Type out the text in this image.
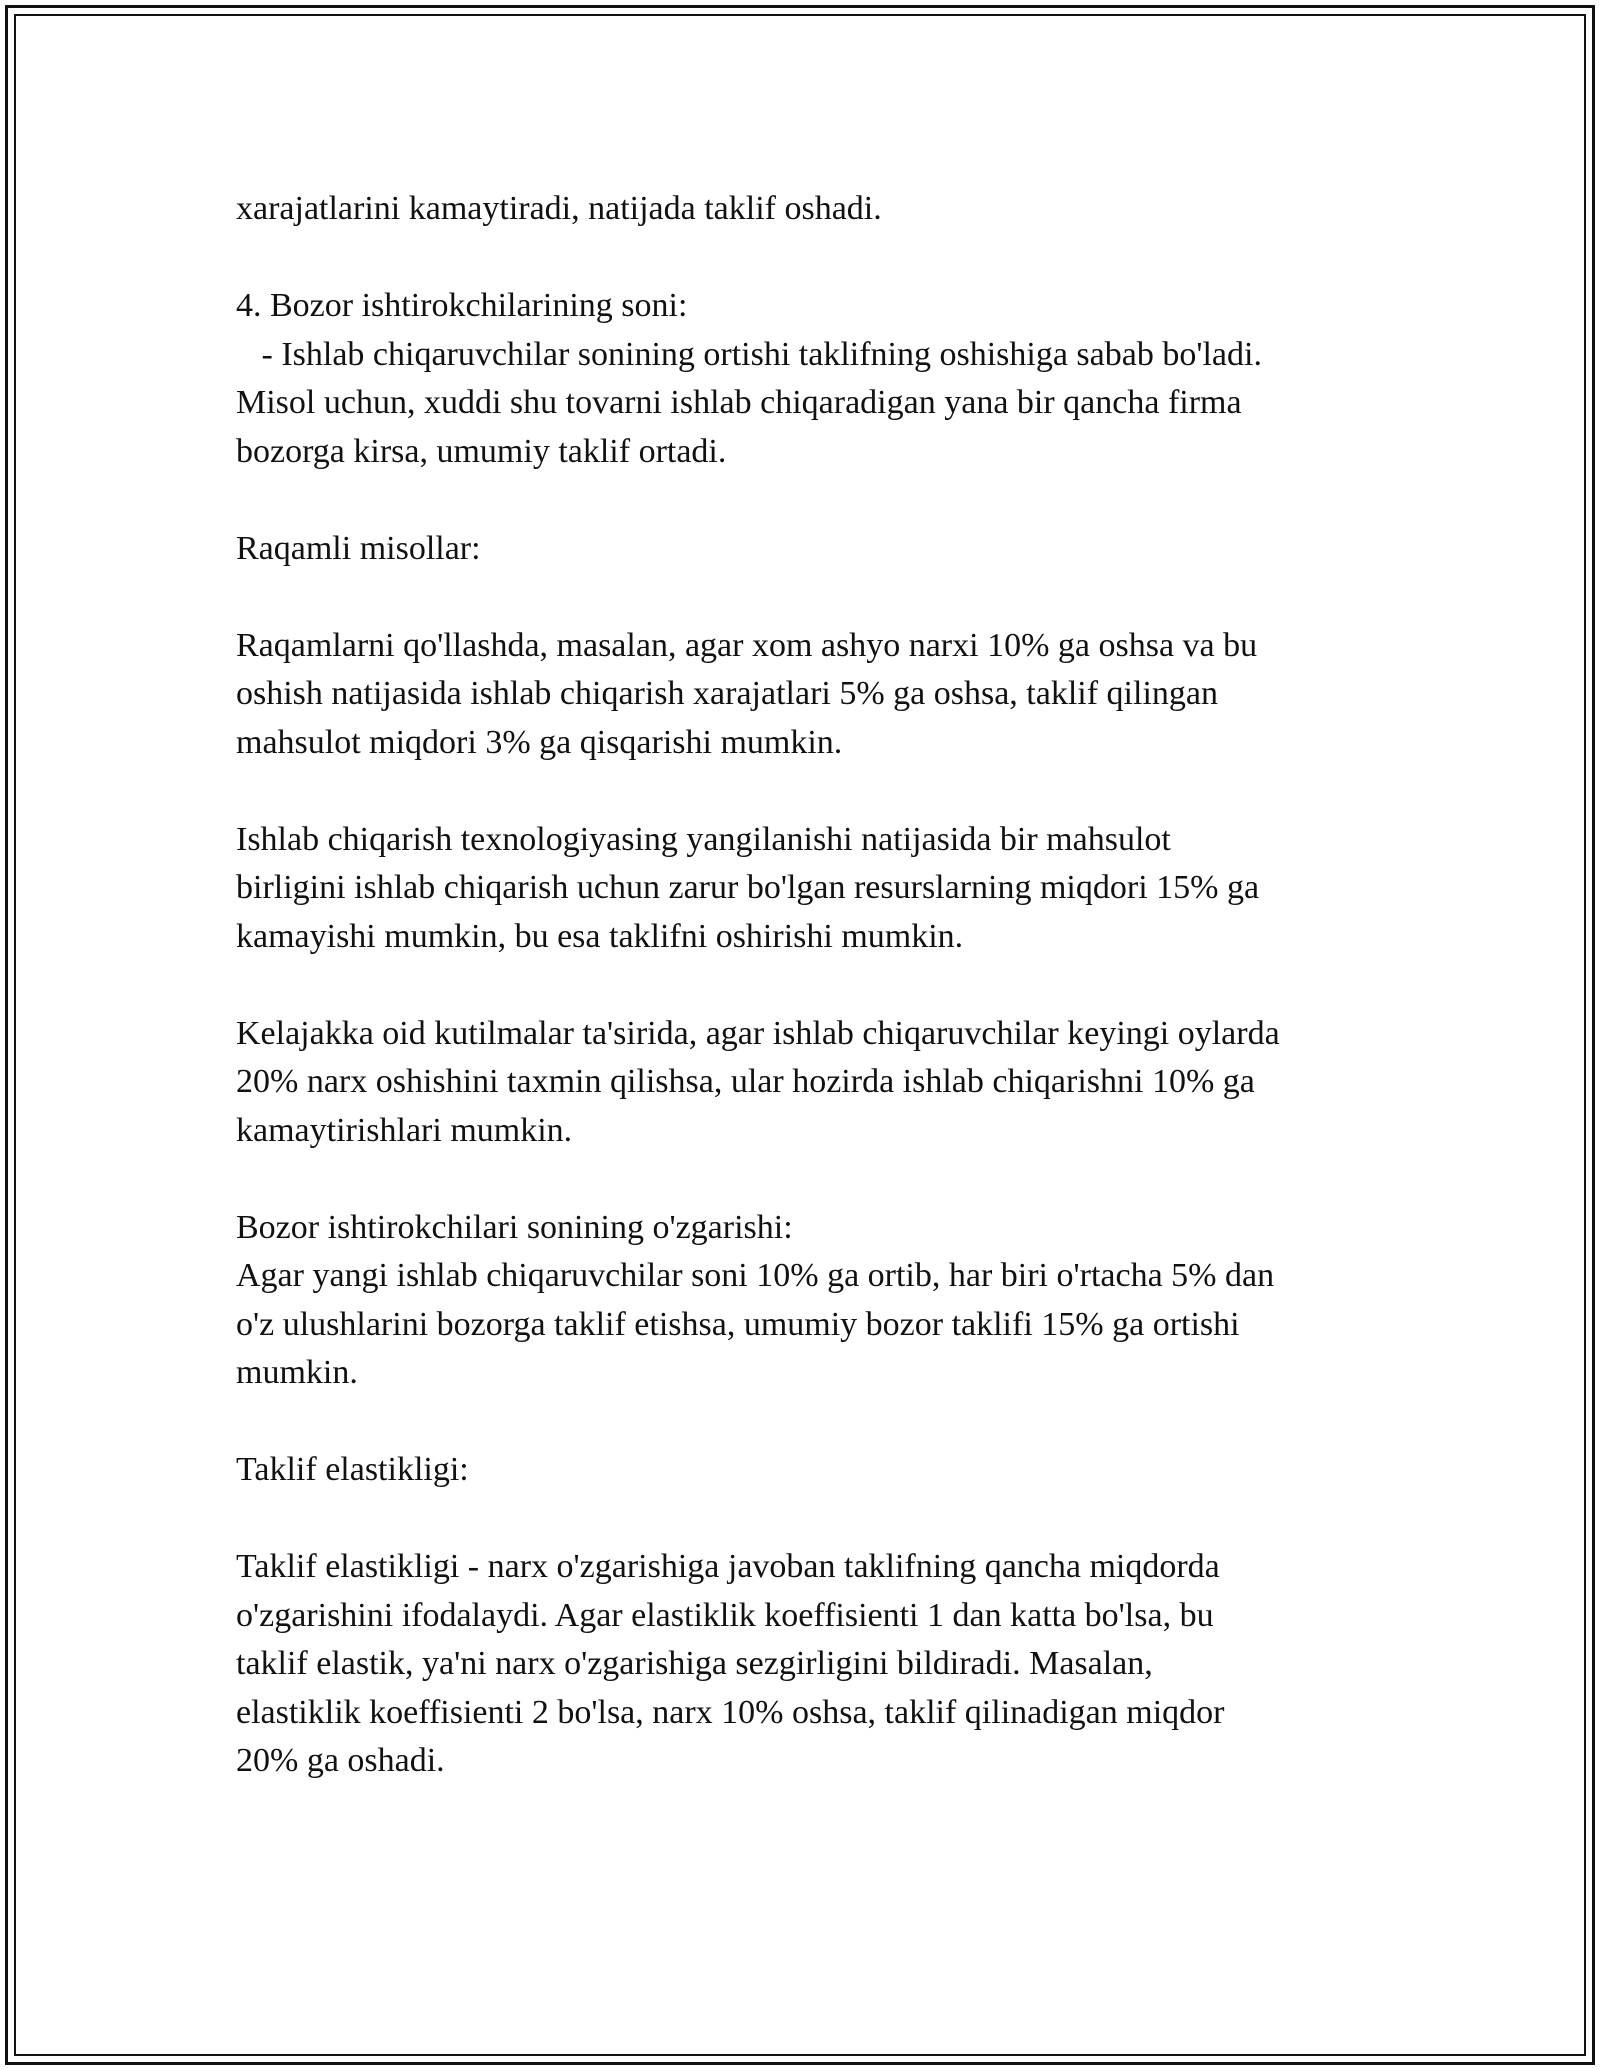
xarajatlarini kamaytiradi, natijada taklif oshadi.
4. Bozor ishtirokchilarining soni:
- Ishlab chiqaruvchilar sonining ortishi taklifning oshishiga sabab bo'ladi.
Misol uchun, xuddi shu tovarni ishlab chiqaradigan yana bir qancha firma
bozorga kirsa, umumiy taklif ortadi.
Raqamli misollar:
Raqamlarni qo'llashda, masalan, agar xom ashyo narxi 10% ga oshsa va bu
oshish natijasida ishlab chiqarish xarajatlari 5% ga oshsa, taklif qilingan
mahsulot miqdori 3% ga qisqarishi mumkin.
Ishlab chiqarish texnologiyasing yangilanishi natijasida bir mahsulot
birligini ishlab chiqarish uchun zarur bo'lgan resurslarning miqdori 15% ga
kamayishi mumkin, bu esa taklifni oshirishi mumkin.
Kelajakka oid kutilmalar ta'sirida, agar ishlab chiqaruvchilar keyingi oylarda
20% narx oshishini taxmin qilishsa, ular hozirda ishlab chiqarishni 10% ga
kamaytirishlari mumkin.
Bozor ishtirokchilari sonining o'zgarishi:
Agar yangi ishlab chiqaruvchilar soni 10% ga ortib, har biri o'rtacha 5% dan
o'z ulushlarini bozorga taklif etishsa, umumiy bozor taklifi 15% ga ortishi
mumkin.
Taklif elastikligi:
Taklif elastikligi - narx o'zgarishiga javoban taklifning qancha miqdorda
o'zgarishini ifodalaydi. Agar elastiklik koeffisienti 1 dan katta bo'lsa, bu
taklif elastik, ya'ni narx o'zgarishiga sezgirligini bildiradi. Masalan,
elastiklik koeffisienti 2 bo'lsa, narx 10% oshsa, taklif qilinadigan miqdor
20% ga oshadi.
